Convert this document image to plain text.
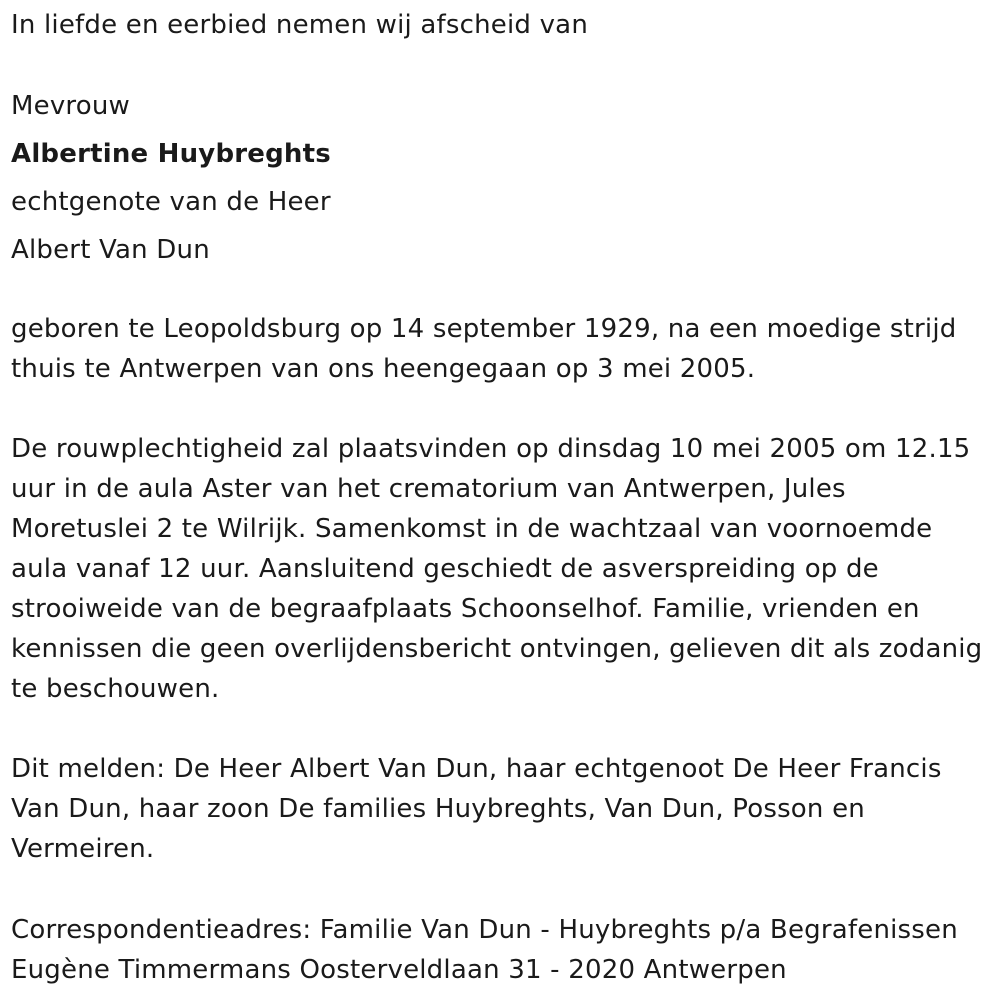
In liefde en eerbied nemen wij afscheid van

Mevrouw

Albertine Huybreghts

echtgenote van de Heer

Albert Van Dun

geboren te Leopoldsburg op 14 september 1929, na een moedige strijd thuis te Antwerpen van ons heengegaan op 3 mei 2005.

De rouwplechtigheid zal plaatsvinden op dinsdag 10 mei 2005 om 12.15 uur in de aula Aster van het crematorium van Antwerpen, Jules Moretuslei 2 te Wilrijk. Samenkomst in de wachtzaal van voornoemde aula vanaf 12 uur. Aansluitend geschiedt de asverspreiding op de strooiweide van de begraafplaats Schoonselhof. Familie, vrienden en kennissen die geen overlijdensbericht ontvingen, gelieven dit als zodanig te beschouwen.

Dit melden: De Heer Albert Van Dun, haar echtgenoot De Heer Francis Van Dun, haar zoon De families Huybreghts, Van Dun, Posson en Vermeiren.

Correspondentieadres: Familie Van Dun - Huybreghts p/a Begrafenissen Eugène Timmermans Oosterveldlaan 31 - 2020 Antwerpen
